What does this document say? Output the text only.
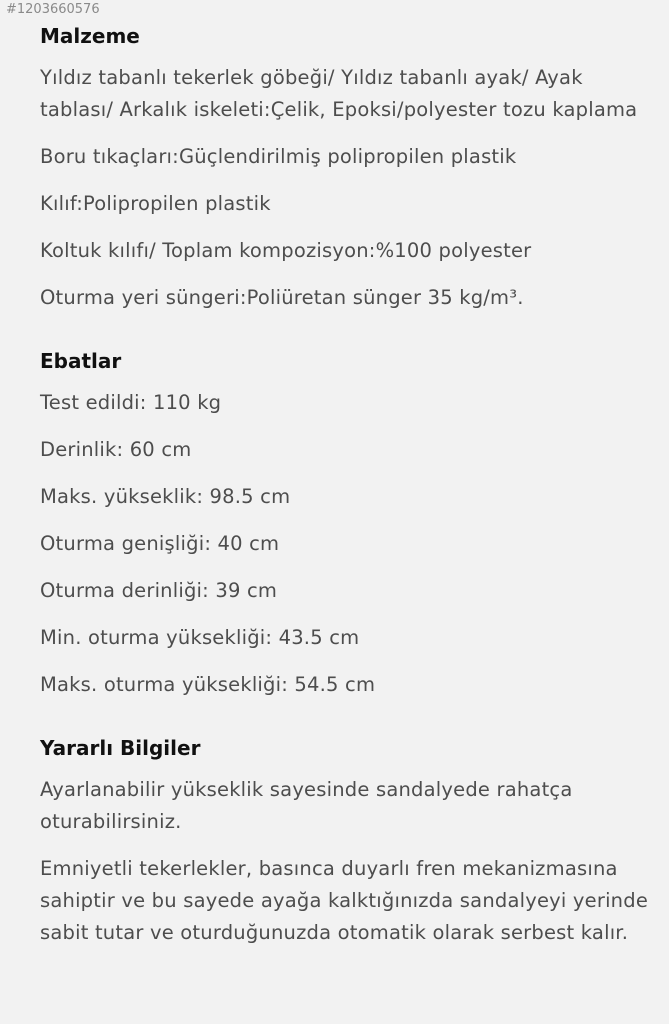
#1203660576
Malzeme

Yıldız tabanlı tekerlek göbeği/ Yıldız tabanlı ayak/ Ayak tablası/ Arkalık iskeleti:Çelik, Epoksi/polyester tozu kaplama

Boru tıkaçları:Güçlendirilmiş polipropilen plastik

Kılıf:Polipropilen plastik

Koltuk kılıfı/ Toplam kompozisyon:%100 polyester

Oturma yeri süngeri:Poliüretan sünger 35 kg/m³.

Ebatlar

Test edildi: 110 kg

Derinlik: 60 cm

Maks. yükseklik: 98.5 cm

Oturma genişliği: 40 cm

Oturma derinliği: 39 cm

Min. oturma yüksekliği: 43.5 cm

Maks. oturma yüksekliği: 54.5 cm

Yararlı Bilgiler

Ayarlanabilir yükseklik sayesinde sandalyede rahatça oturabilirsiniz.

Emniyetli tekerlekler, basınca duyarlı fren mekanizmasına sahiptir ve bu sayede ayağa kalktığınızda sandalyeyi yerinde sabit tutar ve oturduğunuzda otomatik olarak serbest kalır.
